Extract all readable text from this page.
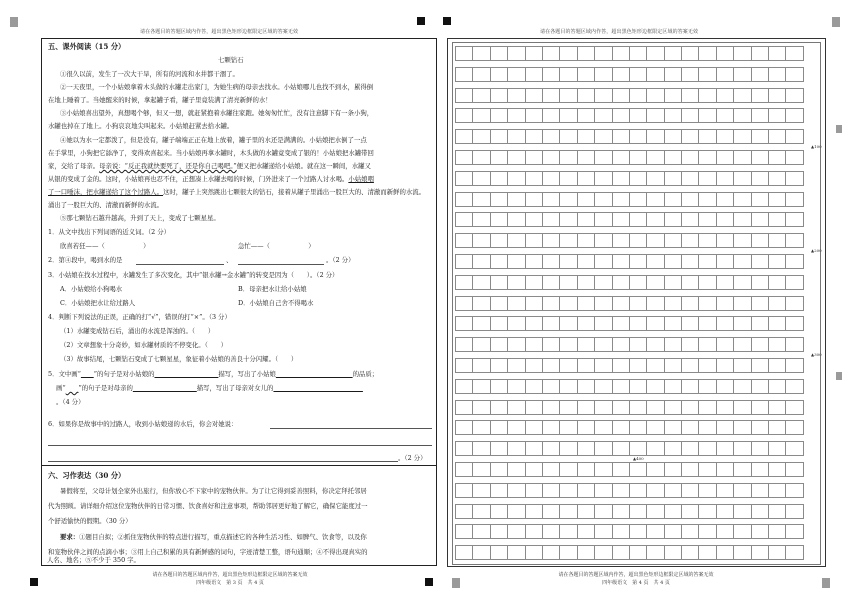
请在各题目的答题区域内作答，超出黑色矩形边框限定区域的答案无效	请在各题目的答题区域内作答，超出黑色矩形边框限定区域的答案无效
五、课外阅读（15 分）
七颗钻石
①很久以前，发生了一次大干旱，所有的河流和水井都干涸了。
②一天夜里，一个小姑娘拿着木头做的水罐走出家门，为她生病的母亲去找水。小姑娘哪儿也找不到水，累得倒
在地上睡着了。当她醒来的时候，拿起罐子看，罐子里竟装满了清亮新鲜的水！
③小姑娘喜出望外，真想喝个够，但又一想，就赶紧抱着水罐往家跑。她匆匆忙忙，没有注意脚下有一条小狗，
水罐也掉在了地上。小狗哀哀地尖叫起来。小姑娘赶紧去拾水罐。
④她以为水一定都泼了，但是没有，罐子端端正正在地上放着，罐子里的水还是满满的。小姑娘把水倒了一点
在手掌里，小狗把它舔净了，变得欢喜起来。当小姑娘再拿水罐时，木头做的水罐竟变成了银的！小姑娘把水罐带回
家，交给了母亲。母亲说：“反正我就快要死了，还是你自己喝吧。”便又把水罐递给小姑娘。就在这一瞬间，水罐又
从银的变成了金的。这时，小姑娘再也忍不住，正想凑上水罐去喝的时候，门外进来了一个过路人讨水喝。小姑娘咽
了一口唾沫，把水罐递给了这个过路人。这时，罐子上突然跳出七颗很大的钻石，接着从罐子里涌出一股巨大的、清澈而新鲜的水流。
涌出了一股巨大的、清澈而新鲜的水流。
⑤那七颗钻石越升越高，升到了天上，变成了七颗星星。
1．从文中找出下列词语的近义词。（2 分）
欣喜若狂——（　　　　　　）	急忙——（　　　　　　）
2．第④段中，喝到水的是	、	。（2 分）
3．小姑娘在找水过程中，水罐发生了多次变化，其中“银水罐→金水罐”的转变是因为（　　）。（2 分）
A．小姑娘给小狗喝水	B．母亲把水让给小姑娘
C．小姑娘把水让给过路人	D．小姑娘自己舍不得喝水
4．判断下列说法的正误，正确的打“√”，错误的打“×”。（3 分）
（1）水罐变成钻石后，涌出的水流是浑浊的。（　　）
（2）文章想象十分奇妙，如水罐材质的不停变化。（　　）
（3）故事结尾，七颗钻石变成了七颗星星，象征着小姑娘的善良十分闪耀。（　　）
5．文中画“　　 ”的句子是对小姑娘的　　　　　　　　　　	描写，写出了小姑娘　　　　　　　　　　　　	的品质；
画“　　 ”的句子是对母亲的　　　　　　　　　　	描写，写出了母亲对女儿的　　　　　　　　　　　　　　
。（4 分）
6．如果你是故事中的过路人，收到小姑娘递的水后，你会对她说：
。（2 分）
六、习作表达（30 分）
暑假将至，父母计划全家外出旅行，但你放心不下家中的宠物伙伴。为了让它得到妥善照料，你决定拜托邻居
代为照顾。请详细介绍这位宠物伙伴的日常习惯、饮食喜好和注意事项，帮助邻居更好地了解它，确保它能度过一
个舒适愉快的假期。（30 分）
要求：①题目自拟；②抓住宠物伙伴的特点进行描写，重点描述它的各种生活习性、如脾气、饮食等，以及你
和宠物伙伴之间的点滴小事；③用上自己积累的具有新鲜感的词句，字迹清楚工整，语句通顺；④不得出现真实的
人名、地名；⑤不少于 350 字。
▲100
▲200
▲300
▲400
请在各题目的答题区域内作答，超出黑色矩形边框限定区域的答案无效
四年级语文　第 3 页　共 4 页
请在各题目的答题区域内作答，超出黑色矩形边框限定区域的答案无效
四年级语文　第 4 页　共 4 页
